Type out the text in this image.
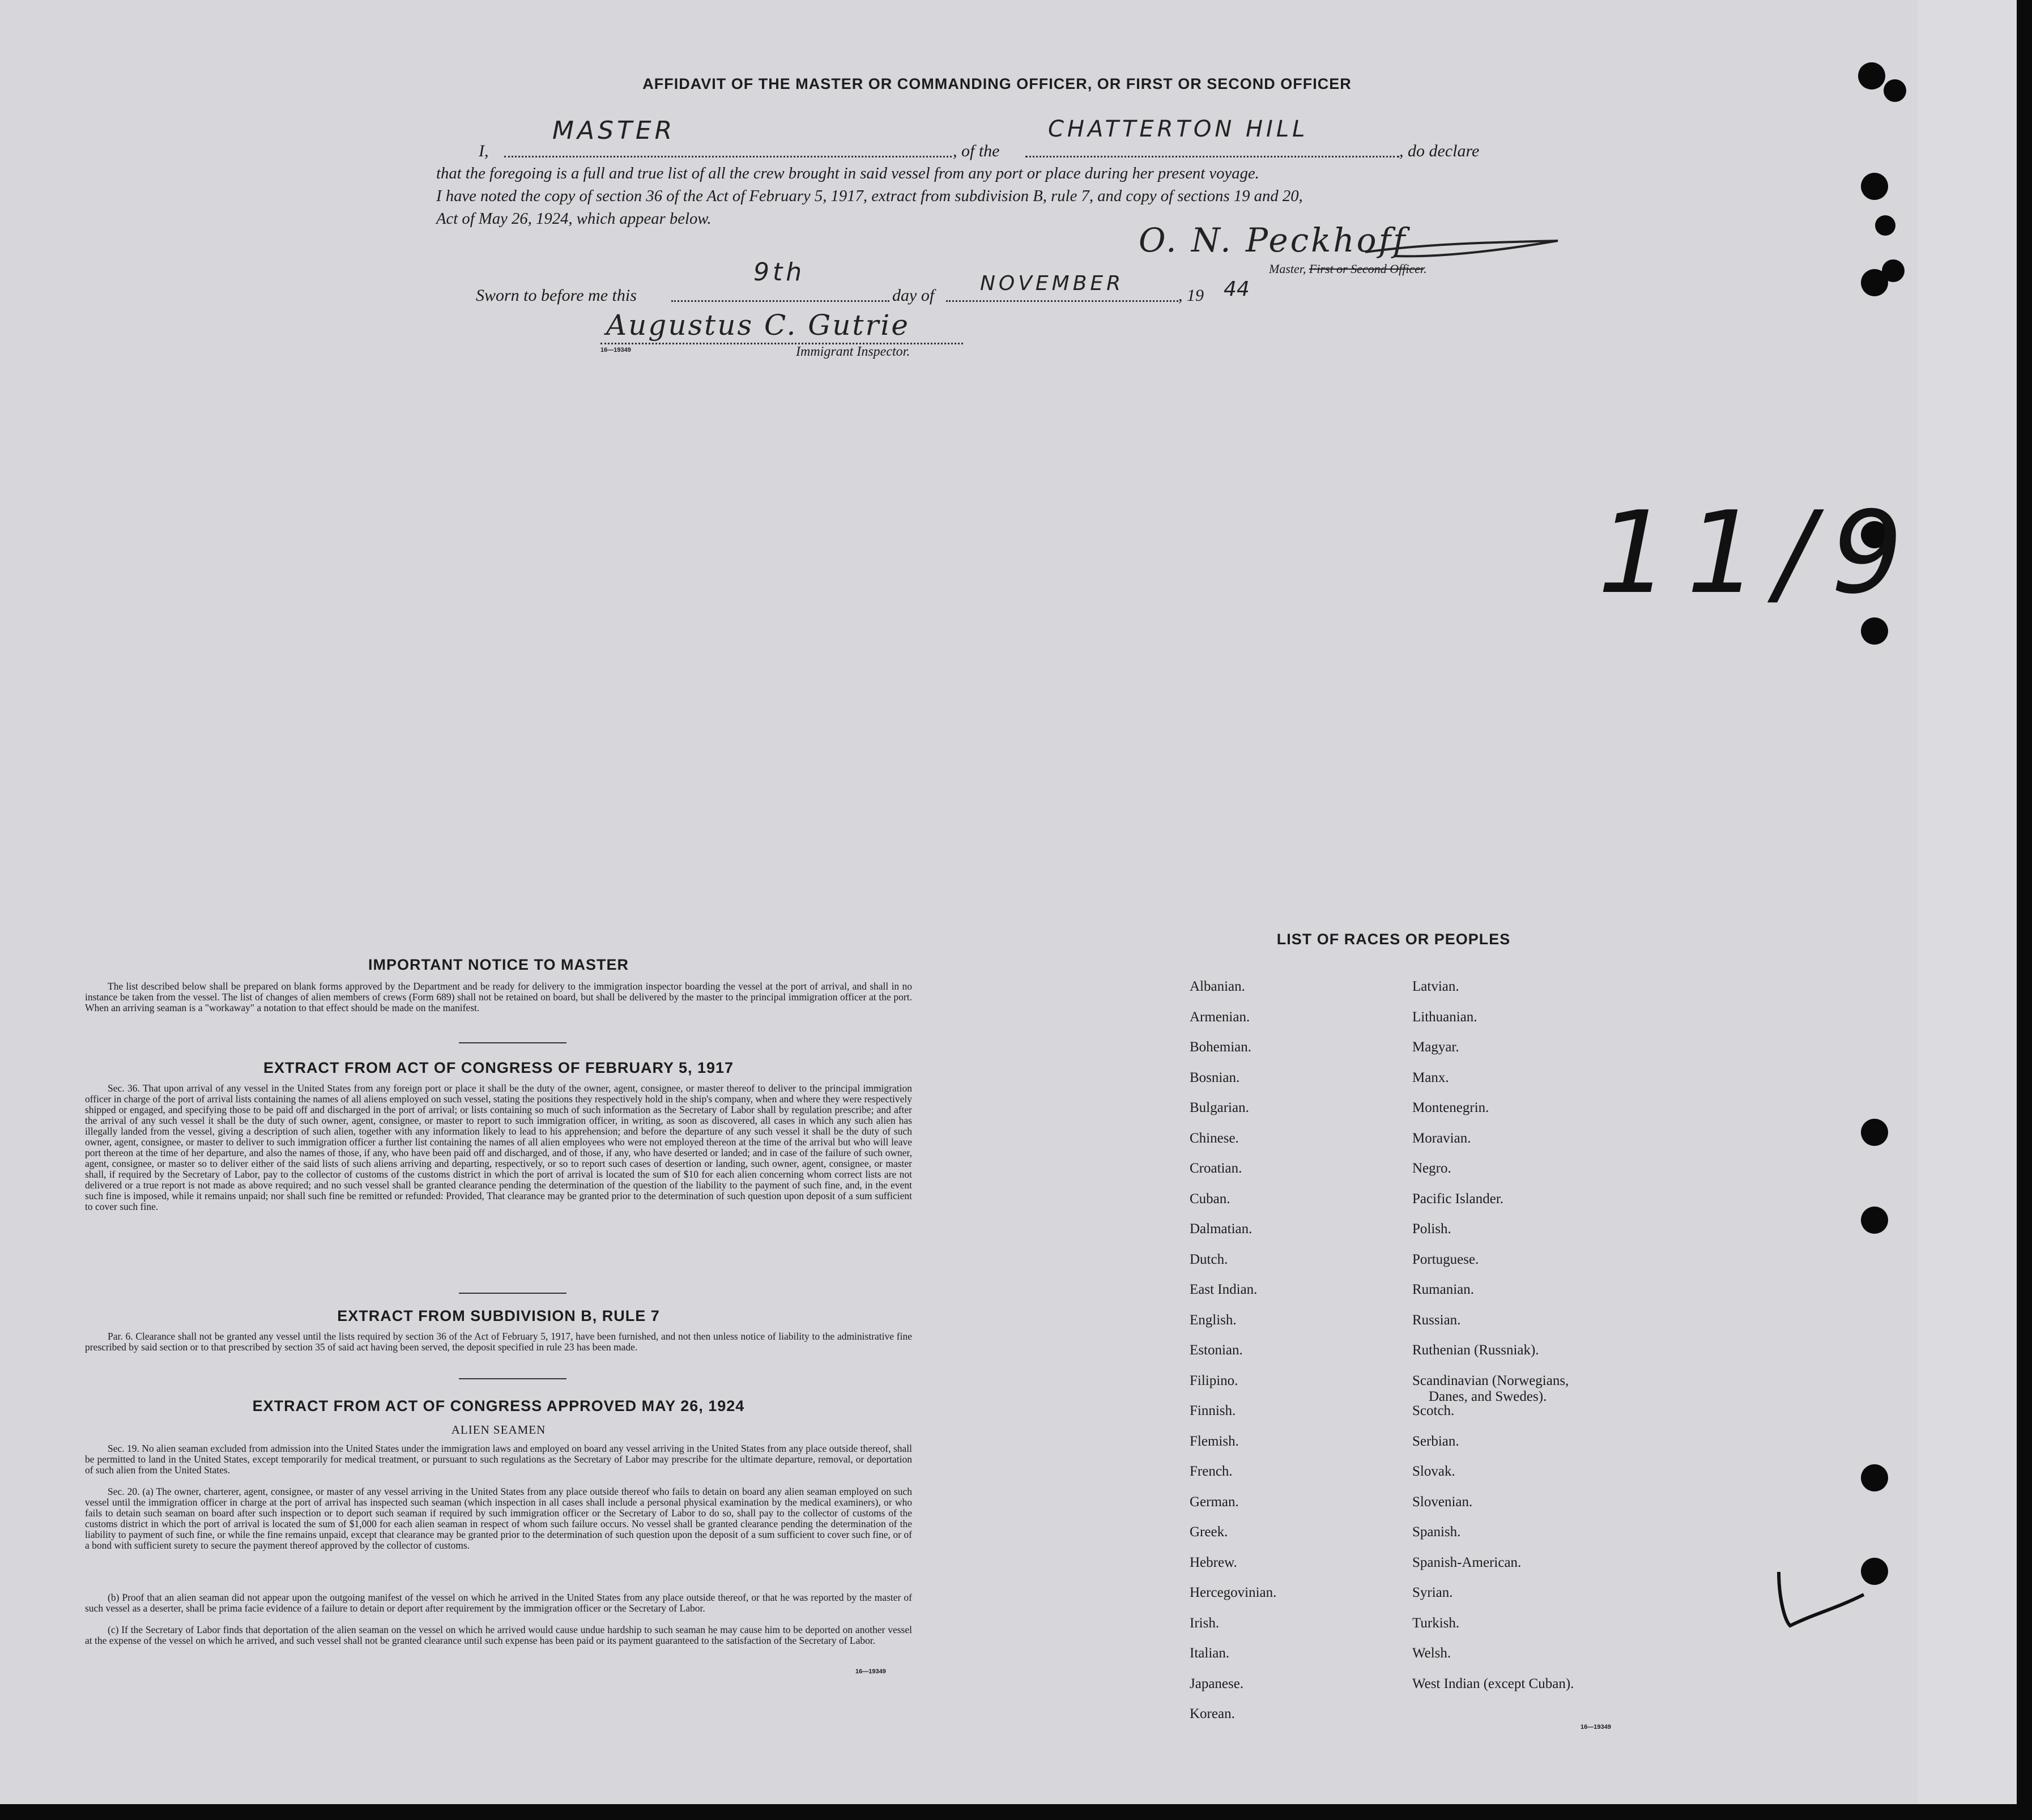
AFFIDAVIT OF THE MASTER OR COMMANDING OFFICER, OR FIRST OR SECOND OFFICER
I,
MASTER
, of the
CHATTERTON HILL
, do declare
that the foregoing is a full and true list of all the crew brought in said vessel from any port or place during her present voyage.
I have noted the copy of section 36 of the Act of February 5, 1917, extract from subdivision B, rule 7, and copy of sections 19 and 20,
Act of May 26, 1924, which appear below.
O. N. Peckhoff
Master, First or Second Officer.
Sworn to before me this
9th
day of
NOVEMBER
, 19 44
Augustus C. Gutrie
16—19349	Immigrant Inspector.
11/9
IMPORTANT NOTICE TO MASTER

The list described below shall be prepared on blank forms approved by the Department and be ready for delivery to the immigration inspector boarding the vessel at the port of arrival, and shall in no instance be taken from the vessel. The list of changes of alien members of crews (Form 689) shall not be retained on board, but shall be delivered by the master to the principal immigration officer at the port. When an arriving seaman is a "workaway" a notation to that effect should be made on the manifest.

EXTRACT FROM ACT OF CONGRESS OF FEBRUARY 5, 1917

Sec. 36. That upon arrival of any vessel in the United States from any foreign port or place it shall be the duty of the owner, agent, consignee, or master thereof to deliver to the principal immigration officer in charge of the port of arrival lists containing the names of all aliens employed on such vessel, stating the positions they respectively hold in the ship's company, when and where they were respectively shipped or engaged, and specifying those to be paid off and discharged in the port of arrival; or lists containing so much of such information as the Secretary of Labor shall by regulation prescribe; and after the arrival of any such vessel it shall be the duty of such owner, agent, consignee, or master to report to such immigration officer, in writing, as soon as discovered, all cases in which any such alien has illegally landed from the vessel, giving a description of such alien, together with any information likely to lead to his apprehension; and before the departure of any such vessel it shall be the duty of such owner, agent, consignee, or master to deliver to such immigration officer a further list containing the names of all alien employees who were not employed thereon at the time of the arrival but who will leave port thereon at the time of her departure, and also the names of those, if any, who have been paid off and discharged, and of those, if any, who have deserted or landed; and in case of the failure of such owner, agent, consignee, or master so to deliver either of the said lists of such aliens arriving and departing, respectively, or so to report such cases of desertion or landing, such owner, agent, consignee, or master shall, if required by the Secretary of Labor, pay to the collector of customs of the customs district in which the port of arrival is located the sum of $10 for each alien concerning whom correct lists are not delivered or a true report is not made as above required; and no such vessel shall be granted clearance pending the determination of the question of the liability to the payment of such fine, and, in the event such fine is imposed, while it remains unpaid; nor shall such fine be remitted or refunded: Provided, That clearance may be granted prior to the determination of such question upon deposit of a sum sufficient to cover such fine.

EXTRACT FROM SUBDIVISION B, RULE 7

Par. 6. Clearance shall not be granted any vessel until the lists required by section 36 of the Act of February 5, 1917, have been furnished, and not then unless notice of liability to the administrative fine prescribed by said section or to that prescribed by section 35 of said act having been served, the deposit specified in rule 23 has been made.

EXTRACT FROM ACT OF CONGRESS APPROVED MAY 26, 1924
ALIEN SEAMEN

Sec. 19. No alien seaman excluded from admission into the United States under the immigration laws and employed on board any vessel arriving in the United States from any place outside thereof, shall be permitted to land in the United States, except temporarily for medical treatment, or pursuant to such regulations as the Secretary of Labor may prescribe for the ultimate departure, removal, or deportation of such alien from the United States.

Sec. 20. (a) The owner, charterer, agent, consignee, or master of any vessel arriving in the United States from any place outside thereof who fails to detain on board any alien seaman employed on such vessel until the immigration officer in charge at the port of arrival has inspected such seaman (which inspection in all cases shall include a personal physical examination by the medical examiners), or who fails to detain such seaman on board after such inspection or to deport such seaman if required by such immigration officer or the Secretary of Labor to do so, shall pay to the collector of customs of the customs district in which the port of arrival is located the sum of $1,000 for each alien seaman in respect of whom such failure occurs. No vessel shall be granted clearance pending the determination of the liability to payment of such fine, or while the fine remains unpaid, except that clearance may be granted prior to the determination of such question upon the deposit of a sum sufficient to cover such fine, or of a bond with sufficient surety to secure the payment thereof approved by the collector of customs.

(b) Proof that an alien seaman did not appear upon the outgoing manifest of the vessel on which he arrived in the United States from any place outside thereof, or that he was reported by the master of such vessel as a deserter, shall be prima facie evidence of a failure to detain or deport after requirement by the immigration officer or the Secretary of Labor.

(c) If the Secretary of Labor finds that deportation of the alien seaman on the vessel on which he arrived would cause undue hardship to such seaman he may cause him to be deported on another vessel at the expense of the vessel on which he arrived, and such vessel shall not be granted clearance until such expense has been paid or its payment guaranteed to the satisfaction of the Secretary of Labor.

16—19349
LIST OF RACES OR PEOPLES
Albanian.
Armenian.
Bohemian.
Bosnian.
Bulgarian.
Chinese.
Croatian.
Cuban.
Dalmatian.
Dutch.
East Indian.
English.
Estonian.
Filipino.
Finnish.
Flemish.
French.
German.
Greek.
Hebrew.
Hercegovinian.
Irish.
Italian.
Japanese.
Korean.
Latvian.
Lithuanian.
Magyar.
Manx.
Montenegrin.
Moravian.
Negro.
Pacific Islander.
Polish.
Portuguese.
Rumanian.
Russian.
Ruthenian (Russniak).
Scandinavian (Norwegians,
Danes, and Swedes).
Scotch.
Serbian.
Slovak.
Slovenian.
Spanish.
Spanish-American.
Syrian.
Turkish.
Welsh.
West Indian (except Cuban).
16—19349
